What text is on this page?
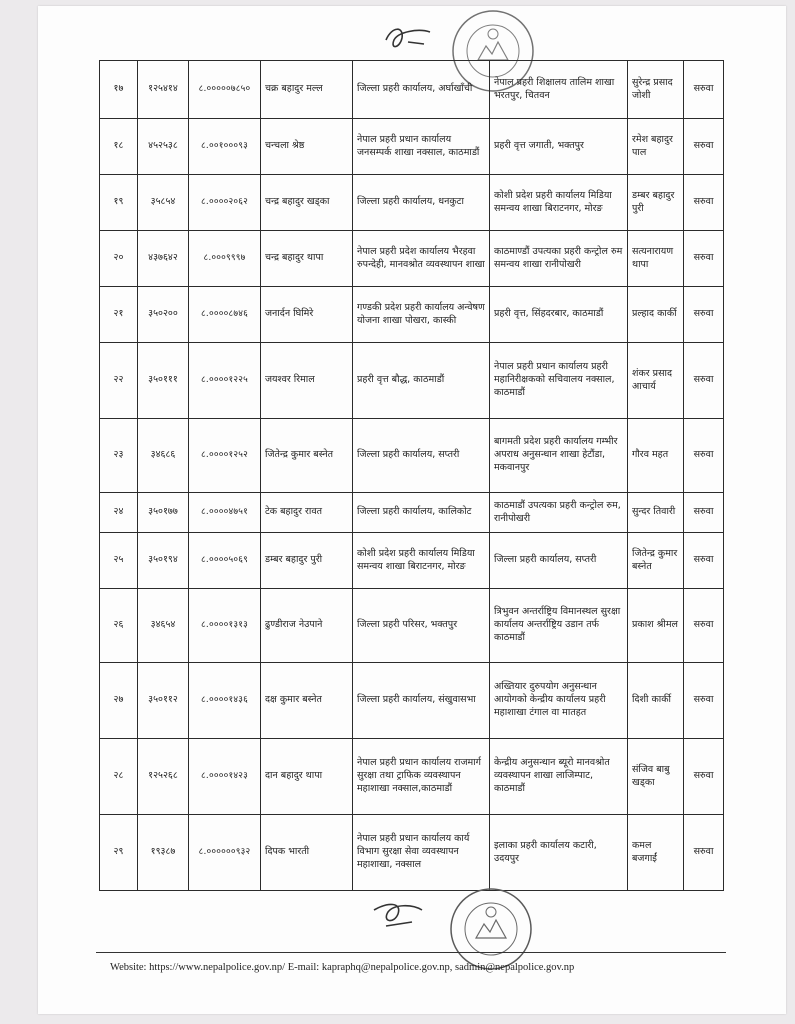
१७	१२५४१४	८.०००००७८५०	चक्र बहादुर मल्ल	जिल्ला प्रहरी कार्यालय, अर्घाखाँची	नेपाल प्रहरी शिक्षालय तालिम शाखा भरतपुर, चितवन	सुरेन्द्र प्रसाद जोशी	सरुवा
१८	४५२५३८	८.००१०००९३	चन्चला श्रेष्ठ	नेपाल प्रहरी प्रधान कार्यालय जनसम्पर्क शाखा नक्साल, काठमाडौं	प्रहरी वृत्त जगाती, भक्तपुर	रमेश बहादुर पाल	सरुवा
१९	३५८५४	८.००००२०६२	चन्द्र बहादुर खड्का	जिल्ला प्रहरी कार्यालय, धनकुटा	कोशी प्रदेश प्रहरी कार्यालय मिडिया समन्वय शाखा बिराटनगर, मोरङ	डम्बर बहादुर पुरी	सरुवा
२०	४३७६४२	८.०००९९९७	चन्द्र बहादुर थापा	नेपाल प्रहरी प्रदेश कार्यालय भैरहवा रुपन्देही, मानवश्रोत व्यवस्थापन शाखा	काठमाण्डौं उपत्यका प्रहरी कन्ट्रोल रुम समन्वय शाखा रानीपोखरी	सत्यनारायण थापा	सरुवा
२१	३५०२००	८.००००८७४६	जनार्दन घिमिरे	गण्डकी प्रदेश प्रहरी कार्यालय अन्वेषण योजना शाखा पोखरा, कास्की	प्रहरी वृत्त, सिंहदरबार, काठमाडौं	प्रल्हाद कार्की	सरुवा
२२	३५०१११	८.००००१२२५	जयश्वर रिमाल	प्रहरी वृत्त बौद्ध, काठमाडौं	नेपाल प्रहरी प्रधान कार्यालय प्रहरी महानिरीक्षकको सचिवालय नक्साल, काठमाडौं	शंकर प्रसाद आचार्य	सरुवा
२३	३४६८६	८.००००१२५२	जितेन्द्र कुमार बस्नेत	जिल्ला प्रहरी कार्यालय, सप्तरी	बागमती प्रदेश प्रहरी कार्यालय गम्भीर अपराध अनुसन्धान शाखा हेटौंडा, मकवानपुर	गौरव महत	सरुवा
२४	३५०१७७	८.००००४७५१	टेक बहादुर रावत	जिल्ला प्रहरी कार्यालय, कालिकोट	काठमाडौं उपत्यका प्रहरी कन्ट्रोल रुम, रानीपोखरी	सुन्दर तिवारी	सरुवा
२५	३५०१९४	८.००००५०६९	डम्बर बहादुर पुरी	कोशी प्रदेश प्रहरी कार्यालय मिडिया समन्वय शाखा बिराटनगर, मोरङ	जिल्ला प्रहरी कार्यालय, सप्तरी	जितेन्द्र कुमार बस्नेत	सरुवा
२६	३४६५४	८.००००१३१३	ढुण्डीराज नेउपाने	जिल्ला प्रहरी परिसर, भक्तपुर	त्रिभुवन अन्तर्राष्ट्रिय विमानस्थल सुरक्षा कार्यालय अन्तर्राष्ट्रिय उडान तर्फ काठमाडौं	प्रकाश श्रीमल	सरुवा
२७	३५०११२	८.००००१४३६	दक्ष कुमार बस्नेत	जिल्ला प्रहरी कार्यालय, संखुवासभा	अख्तियार दुरुपयोग अनुसन्धान आयोगको केन्द्रीय कार्यालय प्रहरी महाशाखा टंगाल वा मातहत	दिशी कार्की	सरुवा
२८	१२५२६८	८.००००१४२३	दान बहादुर थापा	नेपाल प्रहरी प्रधान कार्यालय राजमार्ग सुरक्षा तथा ट्राफिक व्यवस्थापन महाशाखा नक्साल,काठमाडौं	केन्द्रीय अनुसन्धान ब्यूरो मानवश्रोत व्यवस्थापन शाखा लाजिम्पाट, काठमाडौं	संजिव बाबु खड्का	सरुवा
२९	१९३८७	८.००००००९३२	दिपक भारती	नेपाल प्रहरी प्रधान कार्यालय कार्य विभाग सुरक्षा सेवा व्यवस्थापन महाशाखा, नक्साल	इलाका प्रहरी कार्यालय कटारी, उदयपुर	कमल बजगाईं	सरुवा
Website: https://www.nepalpolice.gov.np/ E-mail: kapraphq@nepalpolice.gov.np, sadmin@nepalpolice.gov.np
